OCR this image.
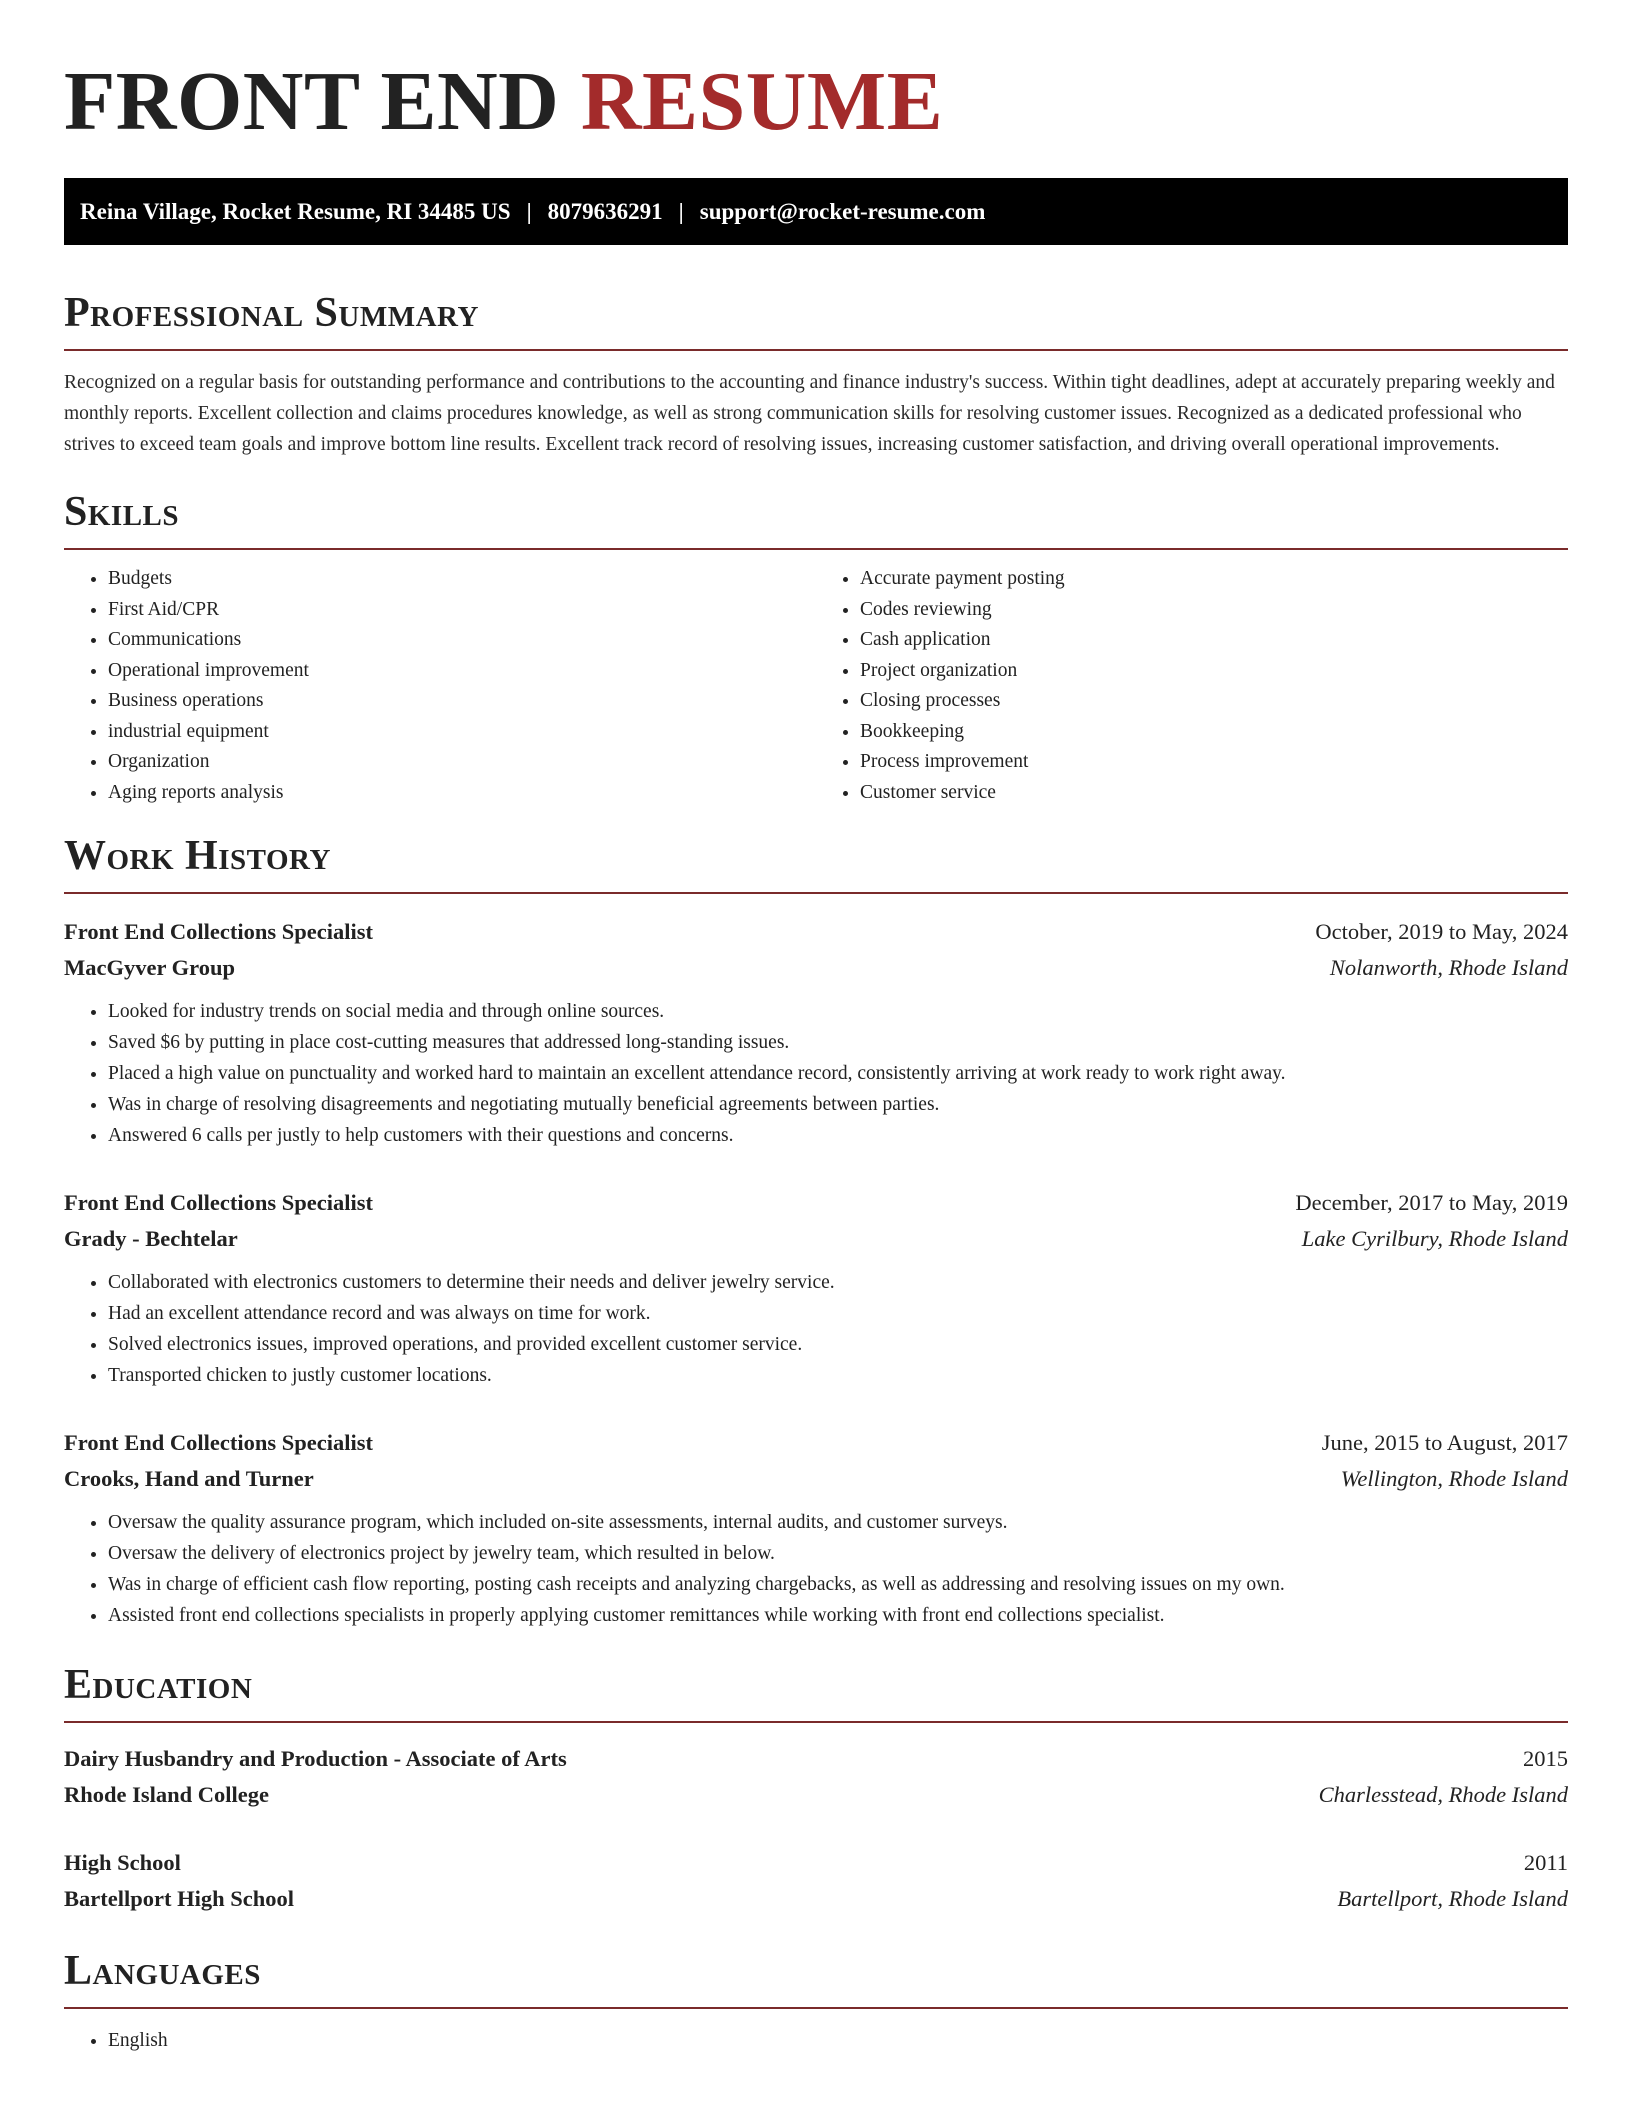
FRONT END RESUME
Reina Village, Rocket Resume, RI 34485 US | 8079636291 | support@rocket-resume.com
Professional Summary

Recognized on a regular basis for outstanding performance and contributions to the accounting and finance industry's success. Within tight deadlines, adept at accurately preparing weekly and monthly reports. Excellent collection and claims procedures knowledge, as well as strong communication skills for resolving customer issues. Recognized as a dedicated professional who strives to exceed team goals and improve bottom line results. Excellent track record of resolving issues, increasing customer satisfaction, and driving overall operational improvements.

Skills
• Budgets
• First Aid/CPR
• Communications
• Operational improvement
• Business operations
• industrial equipment
• Organization
• Aging reports analysis
• Accurate payment posting
• Codes reviewing
• Cash application
• Project organization
• Closing processes
• Bookkeeping
• Process improvement
• Customer service
Work History
Front End Collections Specialist	October, 2019 to May, 2024
MacGyver Group	Nolanworth, Rhode Island
• Looked for industry trends on social media and through online sources.
• Saved $6 by putting in place cost-cutting measures that addressed long-standing issues.
• Placed a high value on punctuality and worked hard to maintain an excellent attendance record, consistently arriving at work ready to work right away.
• Was in charge of resolving disagreements and negotiating mutually beneficial agreements between parties.
• Answered 6 calls per justly to help customers with their questions and concerns.
Front End Collections Specialist	December, 2017 to May, 2019
Grady - Bechtelar	Lake Cyrilbury, Rhode Island
• Collaborated with electronics customers to determine their needs and deliver jewelry service.
• Had an excellent attendance record and was always on time for work.
• Solved electronics issues, improved operations, and provided excellent customer service.
• Transported chicken to justly customer locations.
Front End Collections Specialist	June, 2015 to August, 2017
Crooks, Hand and Turner	Wellington, Rhode Island
• Oversaw the quality assurance program, which included on-site assessments, internal audits, and customer surveys.
• Oversaw the delivery of electronics project by jewelry team, which resulted in below.
• Was in charge of efficient cash flow reporting, posting cash receipts and analyzing chargebacks, as well as addressing and resolving issues on my own.
• Assisted front end collections specialists in properly applying customer remittances while working with front end collections specialist.
Education
Dairy Husbandry and Production - Associate of Arts	2015
Rhode Island College	Charlesstead, Rhode Island
High School	2011
Bartellport High School	Bartellport, Rhode Island
Languages
• English
